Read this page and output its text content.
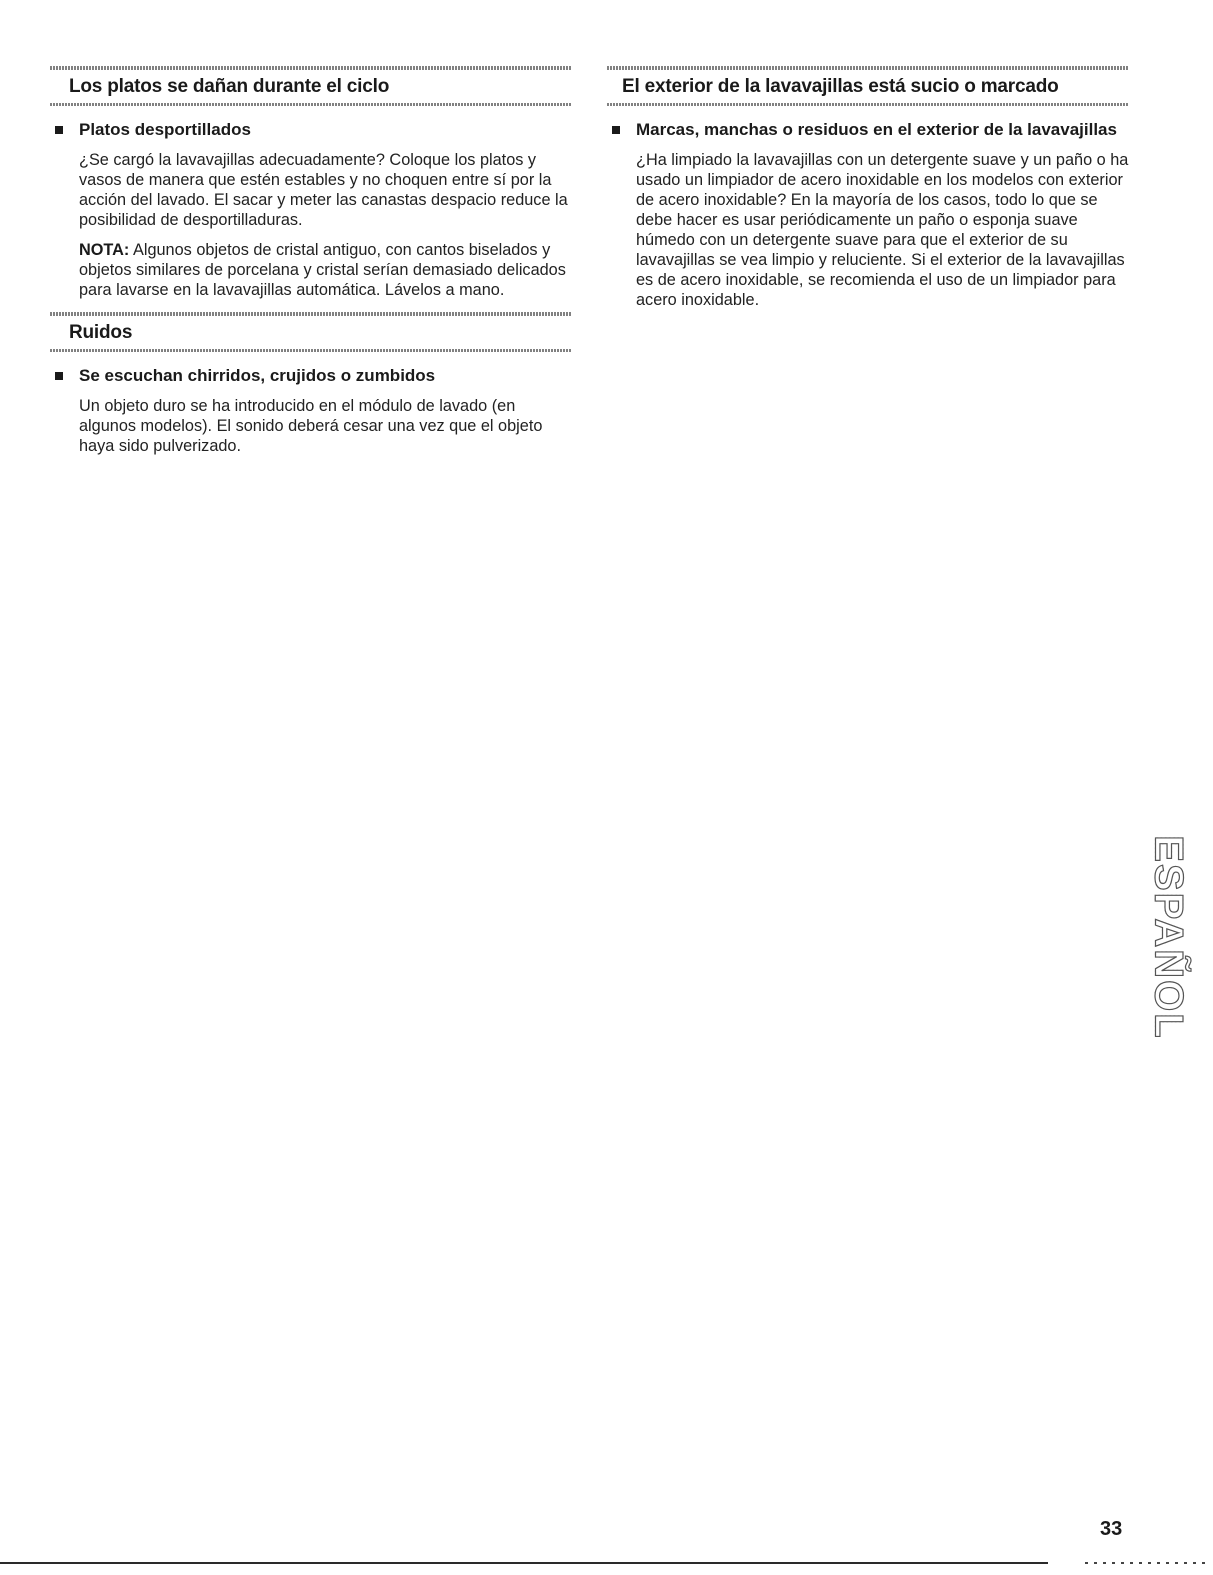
Los platos se dañan durante el ciclo
Platos desportillados
¿Se cargó la lavavajillas adecuadamente? Coloque los platos y vasos de manera que estén estables y no choquen entre sí por la acción del lavado. El sacar y meter las canastas despacio reduce la posibilidad de desportilladuras.
NOTA: Algunos objetos de cristal antiguo, con cantos biselados y objetos similares de porcelana y cristal serían demasiado delicados para lavarse en la lavavajillas automática. Lávelos a mano.
Ruidos
Se escuchan chirridos, crujidos o zumbidos
Un objeto duro se ha introducido en el módulo de lavado (en algunos modelos). El sonido deberá cesar una vez que el objeto haya sido pulverizado.
El exterior de la lavavajillas está sucio o marcado
Marcas, manchas o residuos en el exterior de la lavavajillas
¿Ha limpiado la lavavajillas con un detergente suave y un paño o ha usado un limpiador de acero inoxidable en los modelos con exterior de acero inoxidable? En la mayoría de los casos, todo lo que se debe hacer es usar periódicamente un paño o esponja suave húmedo con un detergente suave para que el exterior de su lavavajillas se vea limpio y reluciente. Si el exterior de la lavavajillas es de acero inoxidable, se recomienda el uso de un limpiador para acero inoxidable.
ESPAÑOL
33
